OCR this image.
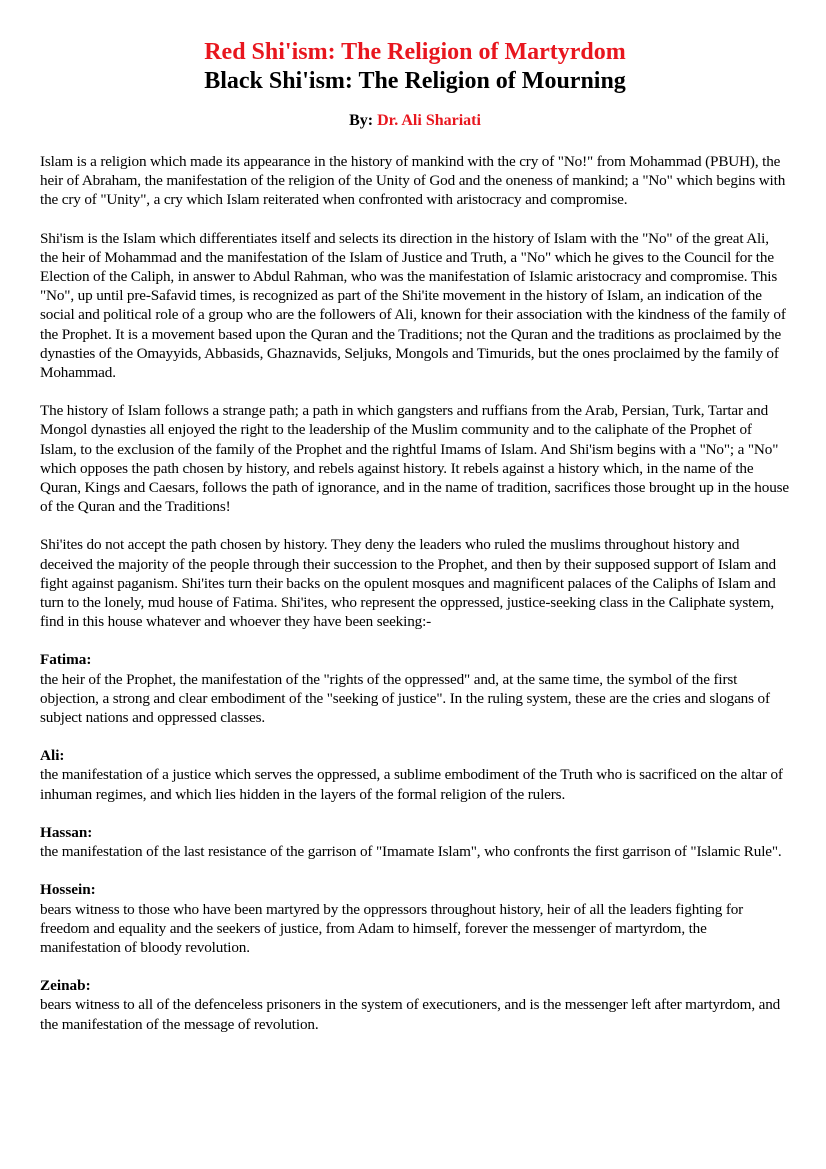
Red Shi'ism: The Religion of Martyrdom
Black Shi'ism: The Religion of Mourning
By: Dr. Ali Shariati

Islam is a religion which made its appearance in the history of mankind with the cry of "No!" from Mohammad (PBUH), the heir of Abraham, the manifestation of the religion of the Unity of God and the oneness of mankind; a "No" which begins with the cry of "Unity", a cry which Islam reiterated when confronted with aristocracy and compromise.

Shi'ism is the Islam which differentiates itself and selects its direction in the history of Islam with the "No" of the great Ali, the heir of Mohammad and the manifestation of the Islam of Justice and Truth, a "No" which he gives to the Council for the Election of the Caliph, in answer to Abdul Rahman, who was the manifestation of Islamic aristocracy and compromise. This "No", up until pre-Safavid times, is recognized as part of the Shi'ite movement in the history of Islam, an indication of the social and political role of a group who are the followers of Ali, known for their association with the kindness of the family of the Prophet. It is a movement based upon the Quran and the Traditions; not the Quran and the traditions as proclaimed by the dynasties of the Omayyids, Abbasids, Ghaznavids, Seljuks, Mongols and Timurids, but the ones proclaimed by the family of Mohammad.

The history of Islam follows a strange path; a path in which gangsters and ruffians from the Arab, Persian, Turk, Tartar and Mongol dynasties all enjoyed the right to the leadership of the Muslim community and to the caliphate of the Prophet of Islam, to the exclusion of the family of the Prophet and the rightful Imams of Islam. And Shi'ism begins with a "No"; a "No" which opposes the path chosen by history, and rebels against history. It rebels against a history which, in the name of the Quran, Kings and Caesars, follows the path of ignorance, and in the name of tradition, sacrifices those brought up in the house of the Quran and the Traditions!

Shi'ites do not accept the path chosen by history. They deny the leaders who ruled the muslims throughout history and deceived the majority of the people through their succession to the Prophet, and then by their supposed support of Islam and fight against paganism. Shi'ites turn their backs on the opulent mosques and magnificent palaces of the Caliphs of Islam and turn to the lonely, mud house of Fatima. Shi'ites, who represent the oppressed, justice-seeking class in the Caliphate system, find in this house whatever and whoever they have been seeking:-

Fatima:
the heir of the Prophet, the manifestation of the "rights of the oppressed" and, at the same time, the symbol of the first objection, a strong and clear embodiment of the "seeking of justice". In the ruling system, these are the cries and slogans of subject nations and oppressed classes.
Ali:
the manifestation of a justice which serves the oppressed, a sublime embodiment of the Truth who is sacrificed on the altar of inhuman regimes, and which lies hidden in the layers of the formal religion of the rulers.
Hassan:
the manifestation of the last resistance of the garrison of "Imamate Islam", who confronts the first garrison of "Islamic Rule".
Hossein:
bears witness to those who have been martyred by the oppressors throughout history, heir of all the leaders fighting for freedom and equality and the seekers of justice, from Adam to himself, forever the messenger of martyrdom, the manifestation of bloody revolution.
Zeinab:
bears witness to all of the defenceless prisoners in the system of executioners, and is the messenger left after martyrdom, and the manifestation of the message of revolution.
